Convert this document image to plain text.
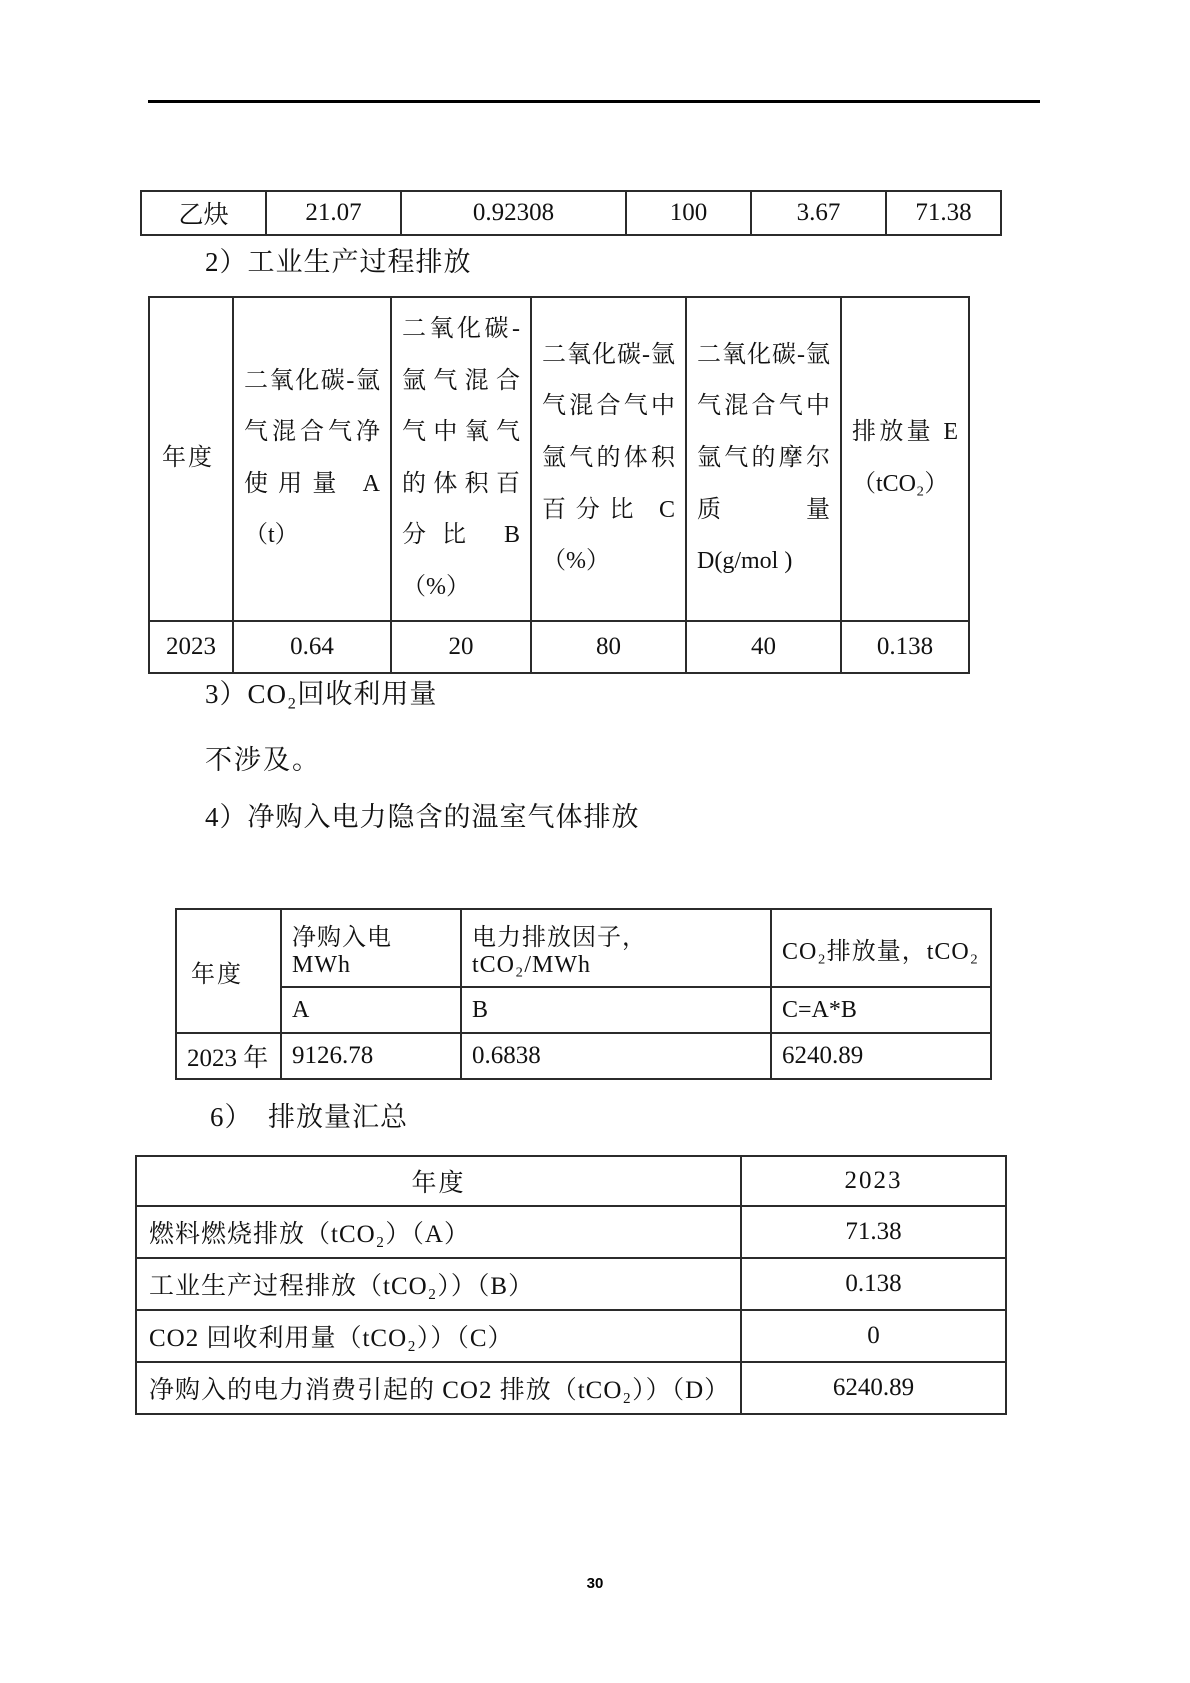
乙炔	21.07	0.92308	100	3.67	71.38
2）工业生产过程排放
年度	二氧化碳-氩气混合气净使用量 A（t）	二氧化碳-氩气混合气中氧气的体积百分比 B（%）	二氧化碳-氩气混合气中氩气的体积百分比 C（%）	二氧化碳-氩气混合气中氩气的摩尔质量 D(g/mol )	排放量 E（tCO₂）
2023	0.64	20	80	40	0.138
3）CO₂回收利用量
不涉及。
4）净购入电力隐含的温室气体排放
年度	净购入电 MWh	电力排放因子，tCO₂/MWh	CO₂排放量，tCO₂
	A	B	C=A*B
2023 年	9126.78	0.6838	6240.89
6）  排放量汇总
年度	2023
燃料燃烧排放（tCO₂）（A）	71.38
工业生产过程排放（tCO₂））（B）	0.138
CO2 回收利用量（tCO₂））（C）	0
净购入的电力消费引起的 CO2 排放（tCO₂））（D）	6240.89
30
